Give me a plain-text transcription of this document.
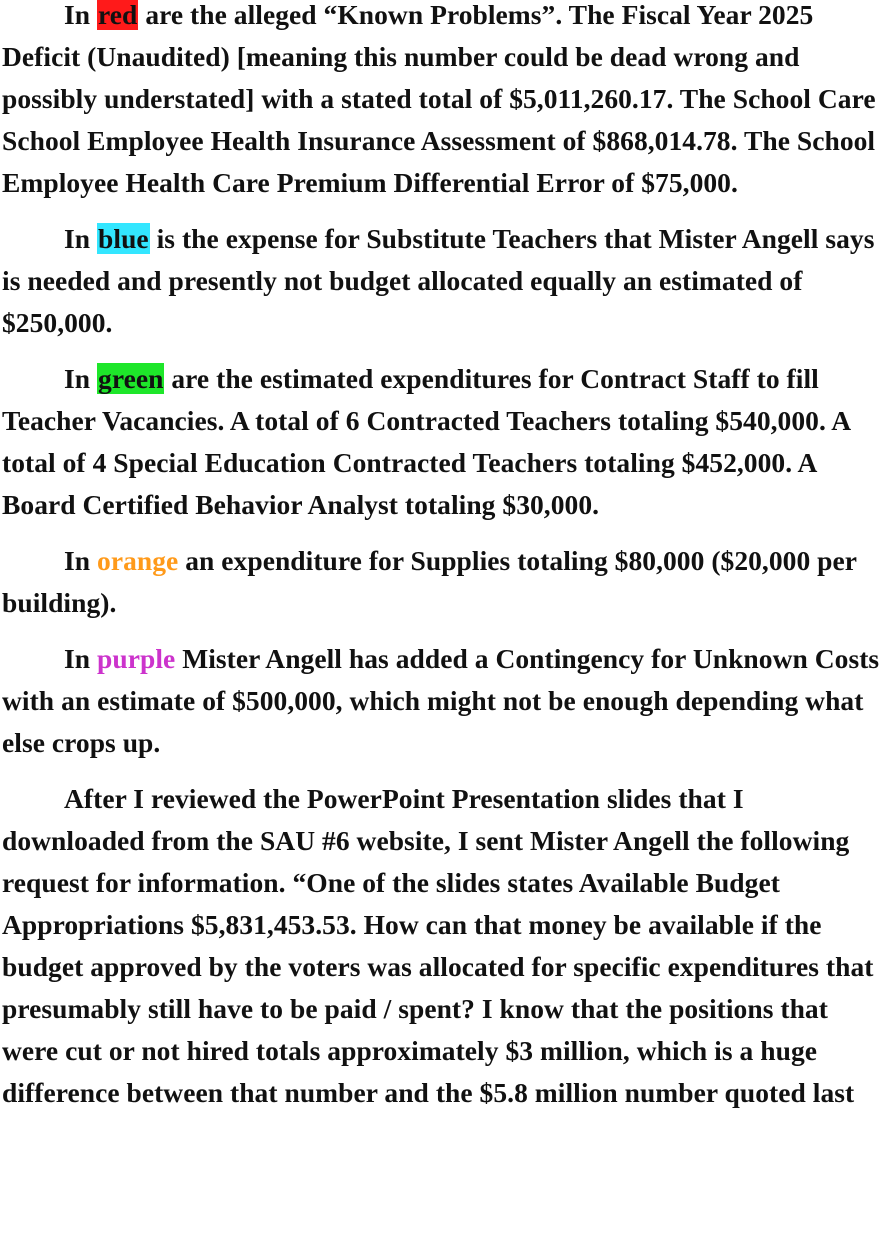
In red are the alleged “Known Problems”. The Fiscal Year 2025 Deficit (Unaudited) [meaning this number could be dead wrong and possibly understated] with a stated total of $5,011,260.17. The School Care School Employee Health Insurance Assessment of $868,014.78. The School Employee Health Care Premium Differential Error of $75,000.

In blue is the expense for Substitute Teachers that Mister Angell says is needed and presently not budget allocated equally an estimated of $250,000.

In green are the estimated expenditures for Contract Staff to fill Teacher Vacancies. A total of 6 Contracted Teachers totaling $540,000. A total of 4 Special Education Contracted Teachers totaling $452,000. A Board Certified Behavior Analyst totaling $30,000.

In orange an expenditure for Supplies totaling $80,000 ($20,000 per building).

In purple Mister Angell has added a Contingency for Unknown Costs with an estimate of $500,000, which might not be enough depending what else crops up.

After I reviewed the PowerPoint Presentation slides that I downloaded from the SAU #6 website, I sent Mister Angell the following request for information. “One of the slides states Available Budget Appropriations $5,831,453.53. How can that money be available if the budget approved by the voters was allocated for specific expenditures that presumably still have to be paid / spent? I know that the positions that were cut or not hired totals approximately $3 million, which is a huge difference between that number and the $5.8 million number quoted last
